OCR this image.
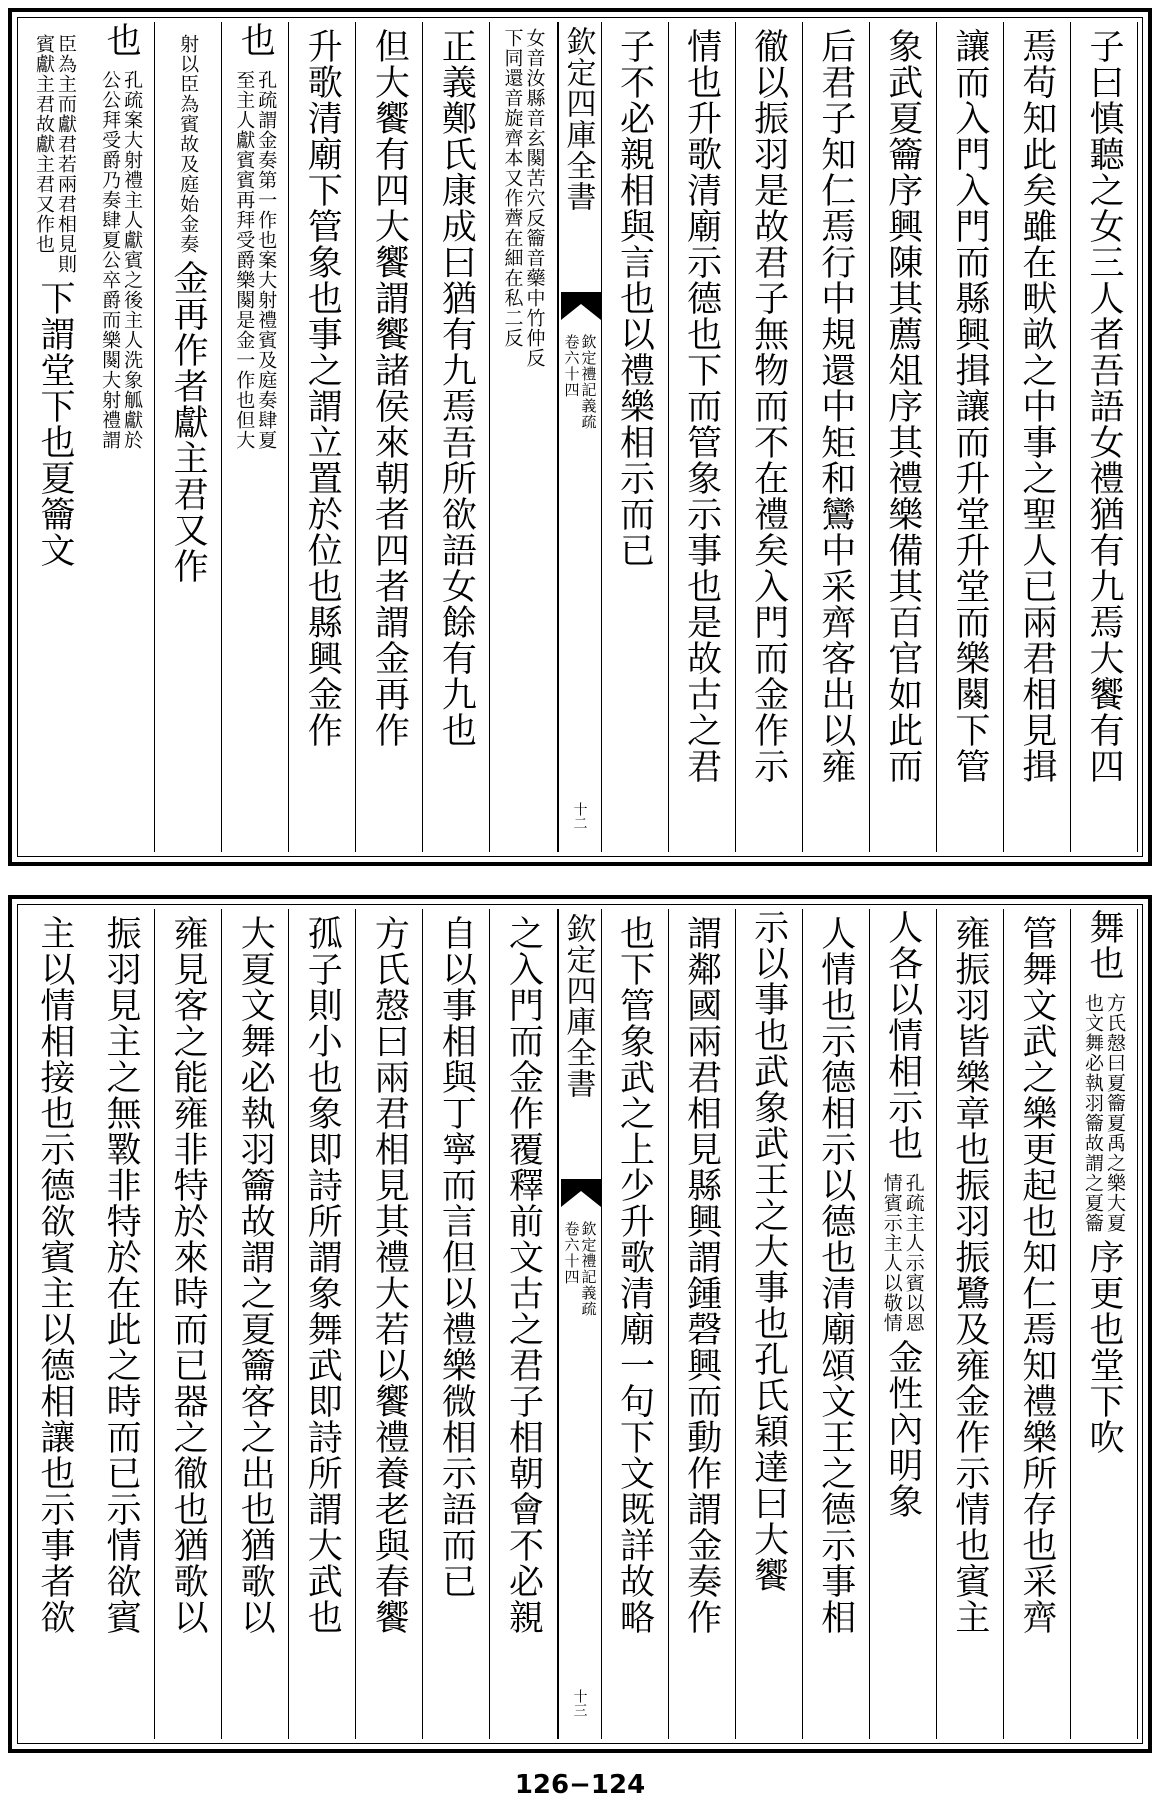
子曰慎聽之女三人者吾語女禮猶有九焉大饗有四
焉苟知此矣雖在畎畝之中事之聖人已兩君相見揖
讓而入門入門而縣興揖讓而升堂升堂而樂闋下管
象武夏籥序興陳其薦俎序其禮樂備其百官如此而
后君子知仁焉行中規還中矩和鸞中采齊客出以雍
徹以振羽是故君子無物而不在禮矣入門而金作示
情也升歌清廟示德也下而管象示事也是故古之君
子不必親相與言也以禮樂相示而已
欽定四庫全書
欽定禮記義疏
卷六十四
十二
女音汝縣音玄闋苦穴反籥音藥中竹仲反
下同還音旋齊本又作薺在細在私二反
正義鄭氏康成曰猶有九焉吾所欲語女餘有九也
但大饗有四大饗謂饗諸侯來朝者四者謂金再作
升歌清廟下管象也事之謂立置於位也縣興金作
也
孔疏謂金奏第一作也案大射禮賓及庭奏肆夏
至主人獻賓賓再拜受爵樂闋是金一作也但大
射以臣為賓故及庭始金奏
金再作者獻主君又作
也
孔疏案大射禮主人獻賓之後主人洗象觚獻於
公公拜受爵乃奏肆夏公卒爵而樂闋大射禮謂
臣為主而獻君若兩君相見則
賓獻主君故獻主君又作也
下謂堂下也夏籥文
舞也
方氏慤曰夏籥夏禹之樂大夏
也文舞必執羽籥故謂之夏籥
序更也堂下吹
管舞文武之樂更起也知仁焉知禮樂所存也采齊
雍振羽皆樂章也振羽振鷺及雍金作示情也賓主
人各以情相示也
孔疏主人示賓以恩
情賓示主人以敬情
金性內明象
人情也示德相示以德也清廟頌文王之德示事相
示以事也武象武王之大事也
孔氏穎達曰大饗
謂鄰國兩君相見縣興謂鍾磬興而動作謂金奏作
也下管象武之上少升歌清廟一句下文既詳故略
欽定四庫全書
欽定禮記義疏
卷六十四
十三
之入門而金作覆釋前文古之君子相朝會不必親
自以事相與丁寧而言但以禮樂微相示語而已
方氏慤曰兩君相見其禮大若以饗禮養老與春饗
孤子則小也象即詩所謂象舞武即詩所謂大武也
大夏文舞必執羽籥故謂之夏籥客之出也猶歌以
雍見客之能雍非特於來時而已器之徹也猶歌以
振羽見主之無斁非特於在此之時而已示情欲賓
主以情相接也示德欲賓主以德相讓也示事者欲
126−124
